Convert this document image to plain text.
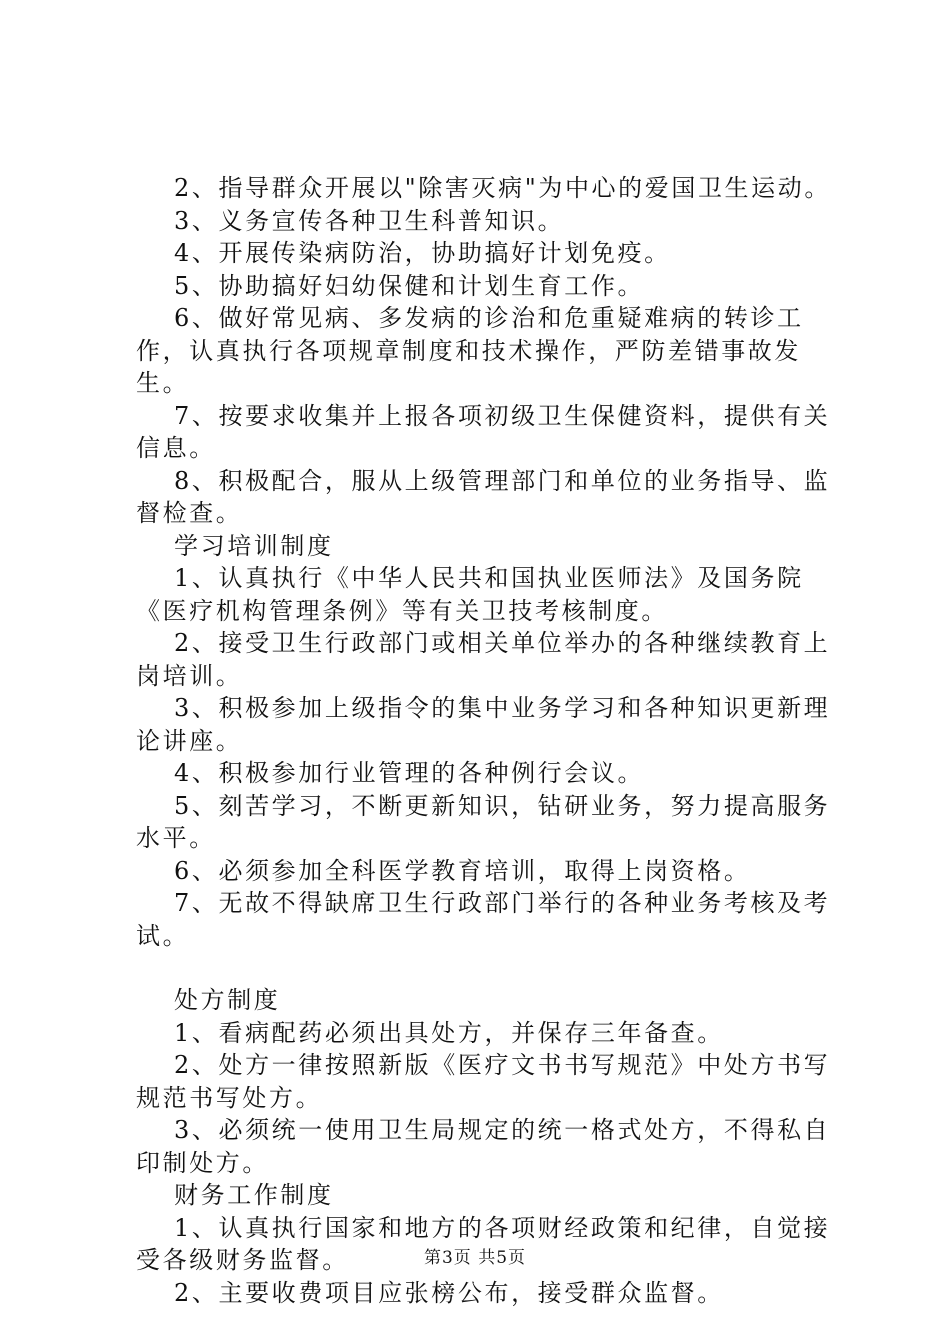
2、指导群众开展以"除害灭病"为中心的爱国卫生运动。

3、义务宣传各种卫生科普知识。

4、开展传染病防治，协助搞好计划免疫。

5、协助搞好妇幼保健和计划生育工作。

6、做好常见病、多发病的诊治和危重疑难病的转诊工作，认真执行各项规章制度和技术操作，严防差错事故发生。

7、按要求收集并上报各项初级卫生保健资料，提供有关信息。

8、积极配合，服从上级管理部门和单位的业务指导、监督检查。

学习培训制度

1、认真执行《中华人民共和国执业医师法》及国务院《医疗机构管理条例》等有关卫技考核制度。

2、接受卫生行政部门或相关单位举办的各种继续教育上岗培训。

3、积极参加上级指令的集中业务学习和各种知识更新理论讲座。

4、积极参加行业管理的各种例行会议。

5、刻苦学习，不断更新知识，钻研业务，努力提高服务水平。

6、必须参加全科医学教育培训，取得上岗资格。

7、无故不得缺席卫生行政部门举行的各种业务考核及考试。

处方制度

1、看病配药必须出具处方，并保存三年备查。

2、处方一律按照新版《医疗文书书写规范》中处方书写规范书写处方。

3、必须统一使用卫生局规定的统一格式处方，不得私自印制处方。

财务工作制度

1、认真执行国家和地方的各项财经政策和纪律，自觉接受各级财务监督。

2、主要收费项目应张榜公布，接受群众监督。

第3页 共5页
